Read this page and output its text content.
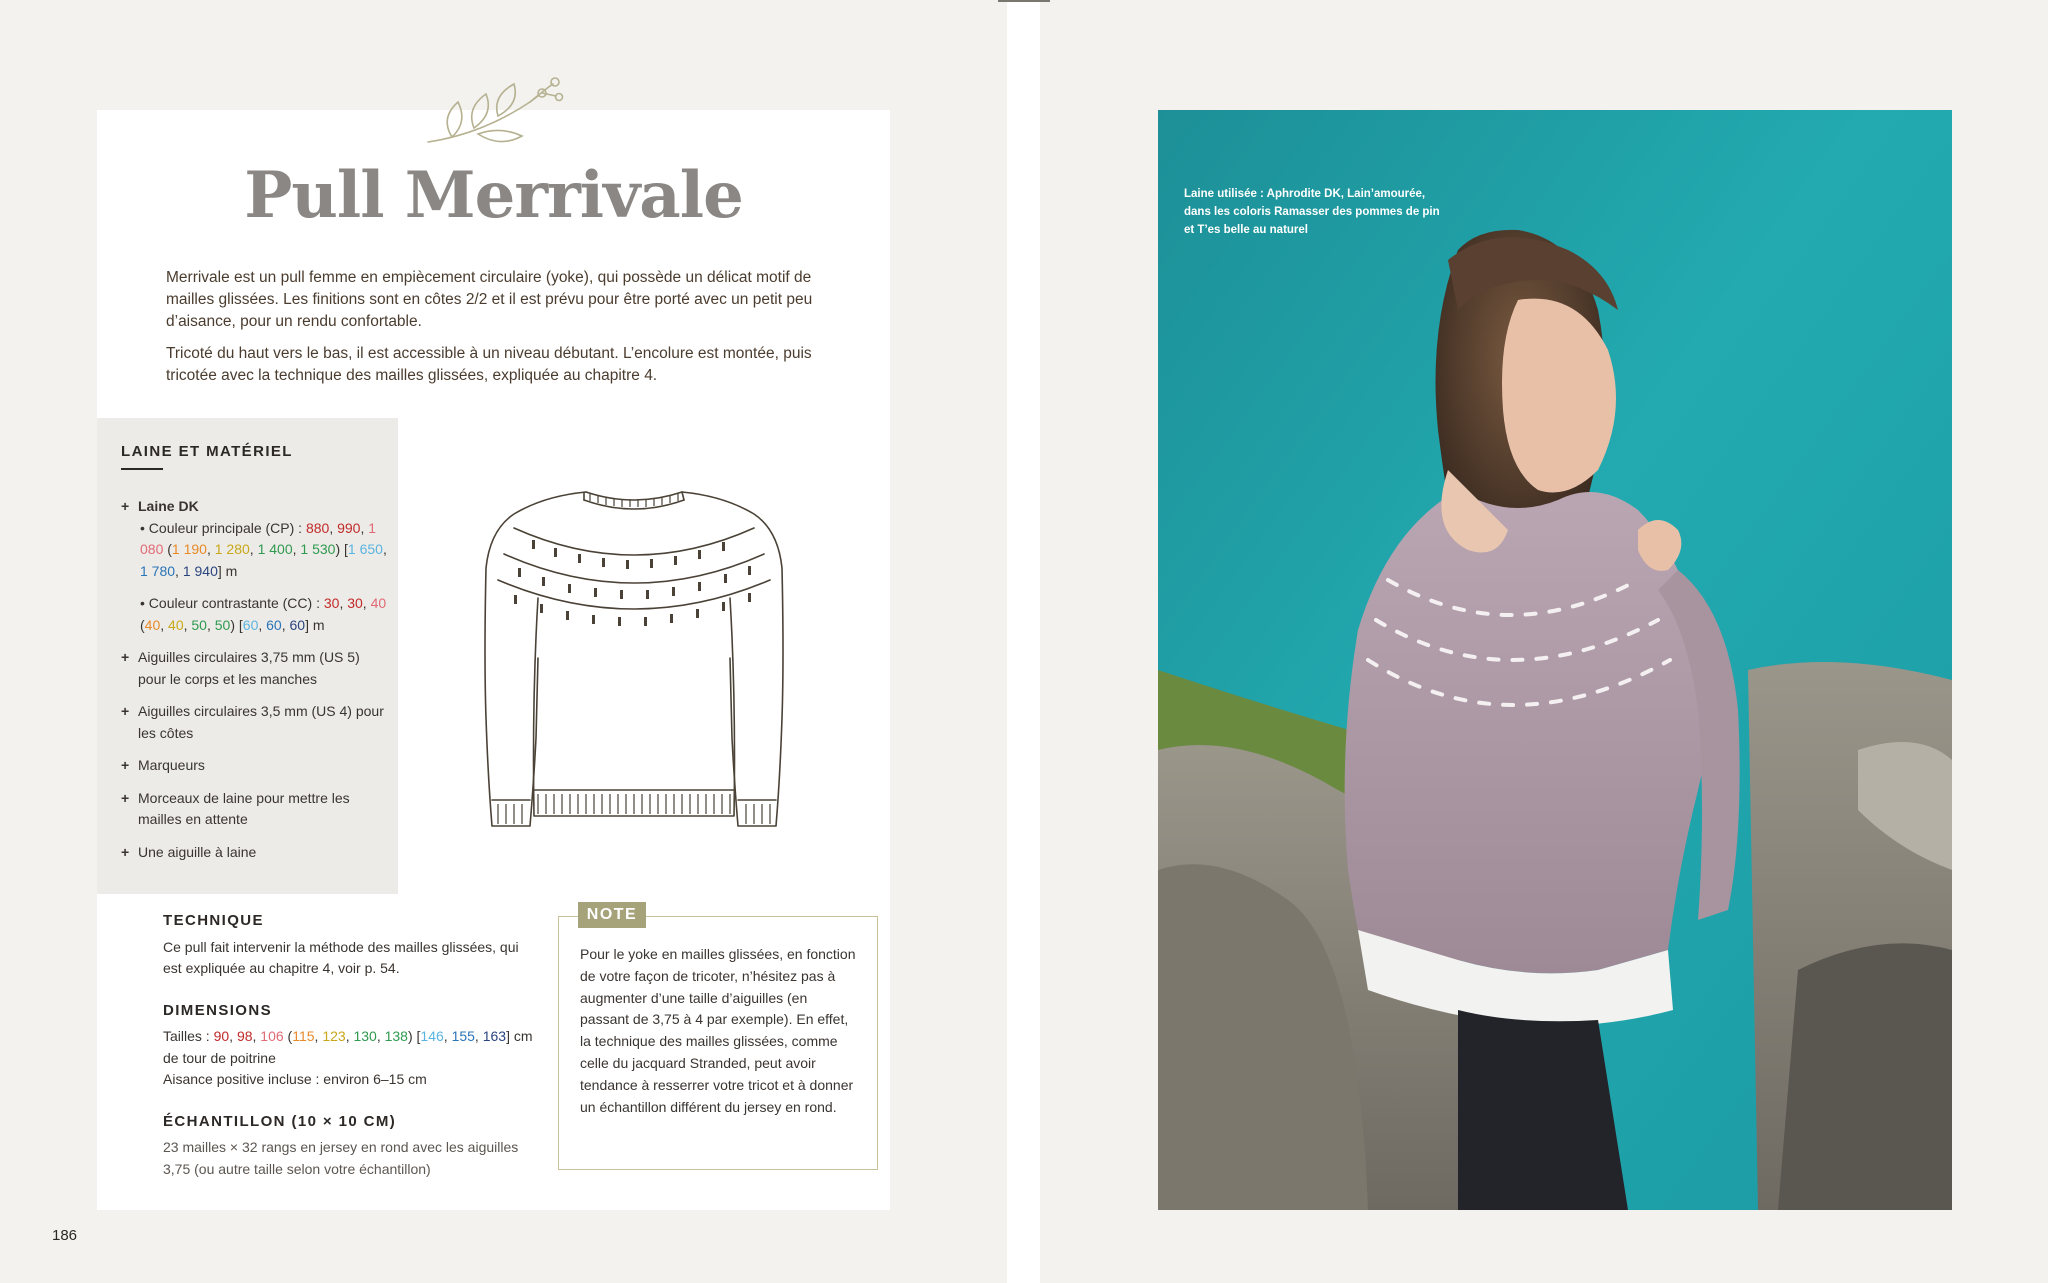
Pull Merrivale

Merrivale est un pull femme en empiècement circulaire (yoke), qui possède un délicat motif de mailles glissées. Les finitions sont en côtes 2/2 et il est prévu pour être porté avec un petit peu d’aisance, pour un rendu confortable.

Tricoté du haut vers le bas, il est accessible à un niveau débutant. L’encolure est montée, puis tricotée avec la technique des mailles glissées, expliquée au chapitre 4.

LAINE ET MATÉRIEL
+ Laine DK
• Couleur principale (CP) : 880, 990, 1 080 (1 190, 1 280, 1 400, 1 530) [1 650, 1 780, 1 940] m
• Couleur contrastante (CC) : 30, 30, 40 (40, 40, 50, 50) [60, 60, 60] m
+ Aiguilles circulaires 3,75 mm (US 5) pour le corps et les manches
+ Aiguilles circulaires 3,5 mm (US 4) pour les côtes
+ Marqueurs
+ Morceaux de laine pour mettre les mailles en attente
+ Une aiguille à laine
TECHNIQUE
Ce pull fait intervenir la méthode des mailles glissées, qui est expliquée au chapitre 4, voir p. 54.
DIMENSIONS
Tailles : 90, 98, 106 (115, 123, 130, 138) [146, 155, 163] cm
de tour de poitrine
Aisance positive incluse : environ 6–15 cm
ÉCHANTILLON (10 × 10 CM)
23 mailles × 32 rangs en jersey en rond avec les aiguilles 3,75 (ou autre taille selon votre échantillon)
NOTE
Pour le yoke en mailles glissées, en fonction de votre façon de tricoter, n’hésitez pas à augmenter d’une taille d’aiguilles (en passant de 3,75 à 4 par exemple). En effet, la technique des mailles glissées, comme celle du jacquard Stranded, peut avoir tendance à resserrer votre tricot et à donner un échantillon différent du jersey en rond.
186
Laine utilisée : Aphrodite DK, Lain’amourée, dans les coloris Ramasser des pommes de pin et T’es belle au naturel
